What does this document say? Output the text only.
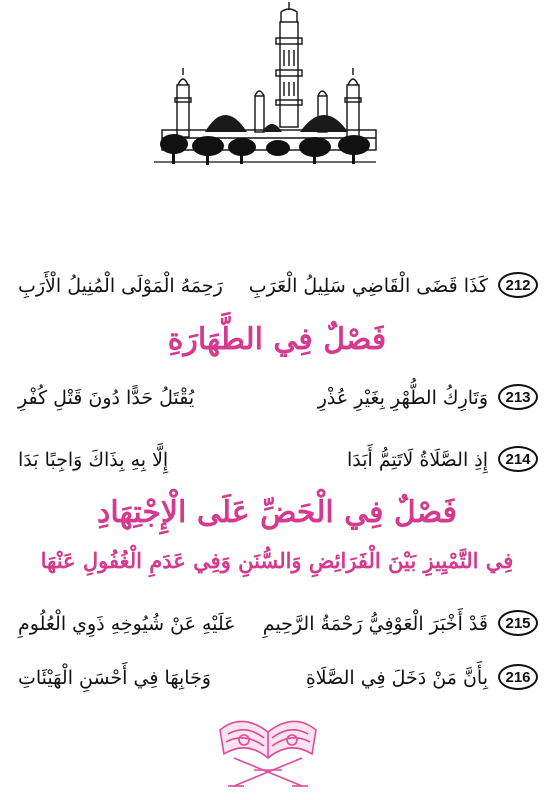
212
كَذَا قَضَى الْقَاضِي سَلِيلُ الْعَرَبِ
رَحِمَهُ الْمَوْلَى الْمُنِيلُ الْأَرَبِ
فَصْلٌ فِي الطَّهَارَةِ
213
وَتَارِكُ الطُّهْرِ بِغَيْرِ عُذْرِ
يُقْتَلُ حَدًّا دُونَ قَتْلِ كُفْرِ
214
إِذِ الصَّلَاةُ لَاتَتِمُّ أَبَدَا
إِلَّا بِهِ بِذَاكَ وَاجِبًا بَدَا
فَصْلٌ فِي الْحَضِّ عَلَى الْإِجْتِهَادِ
فِي التَّمْيِيزِ بَيْنَ الْفَرَائِضِ وَالسُّنَنِ وَفِي عَدَمِ الْغُفُولِ عَنْهَا
215
قَدْ أَخْبَرَ الْعَوْفِيُّ رَحْمَةُ الرَّحِيمِ
عَلَيْهِ عَنْ شُيُوخِهِ ذَوِي الْعُلُومِ
216
بِأَنَّ مَنْ دَخَلَ فِي الصَّلَاةِ
وَجَابِهَا فِي أَحْسَنِ الْهَيْئَاتِ
